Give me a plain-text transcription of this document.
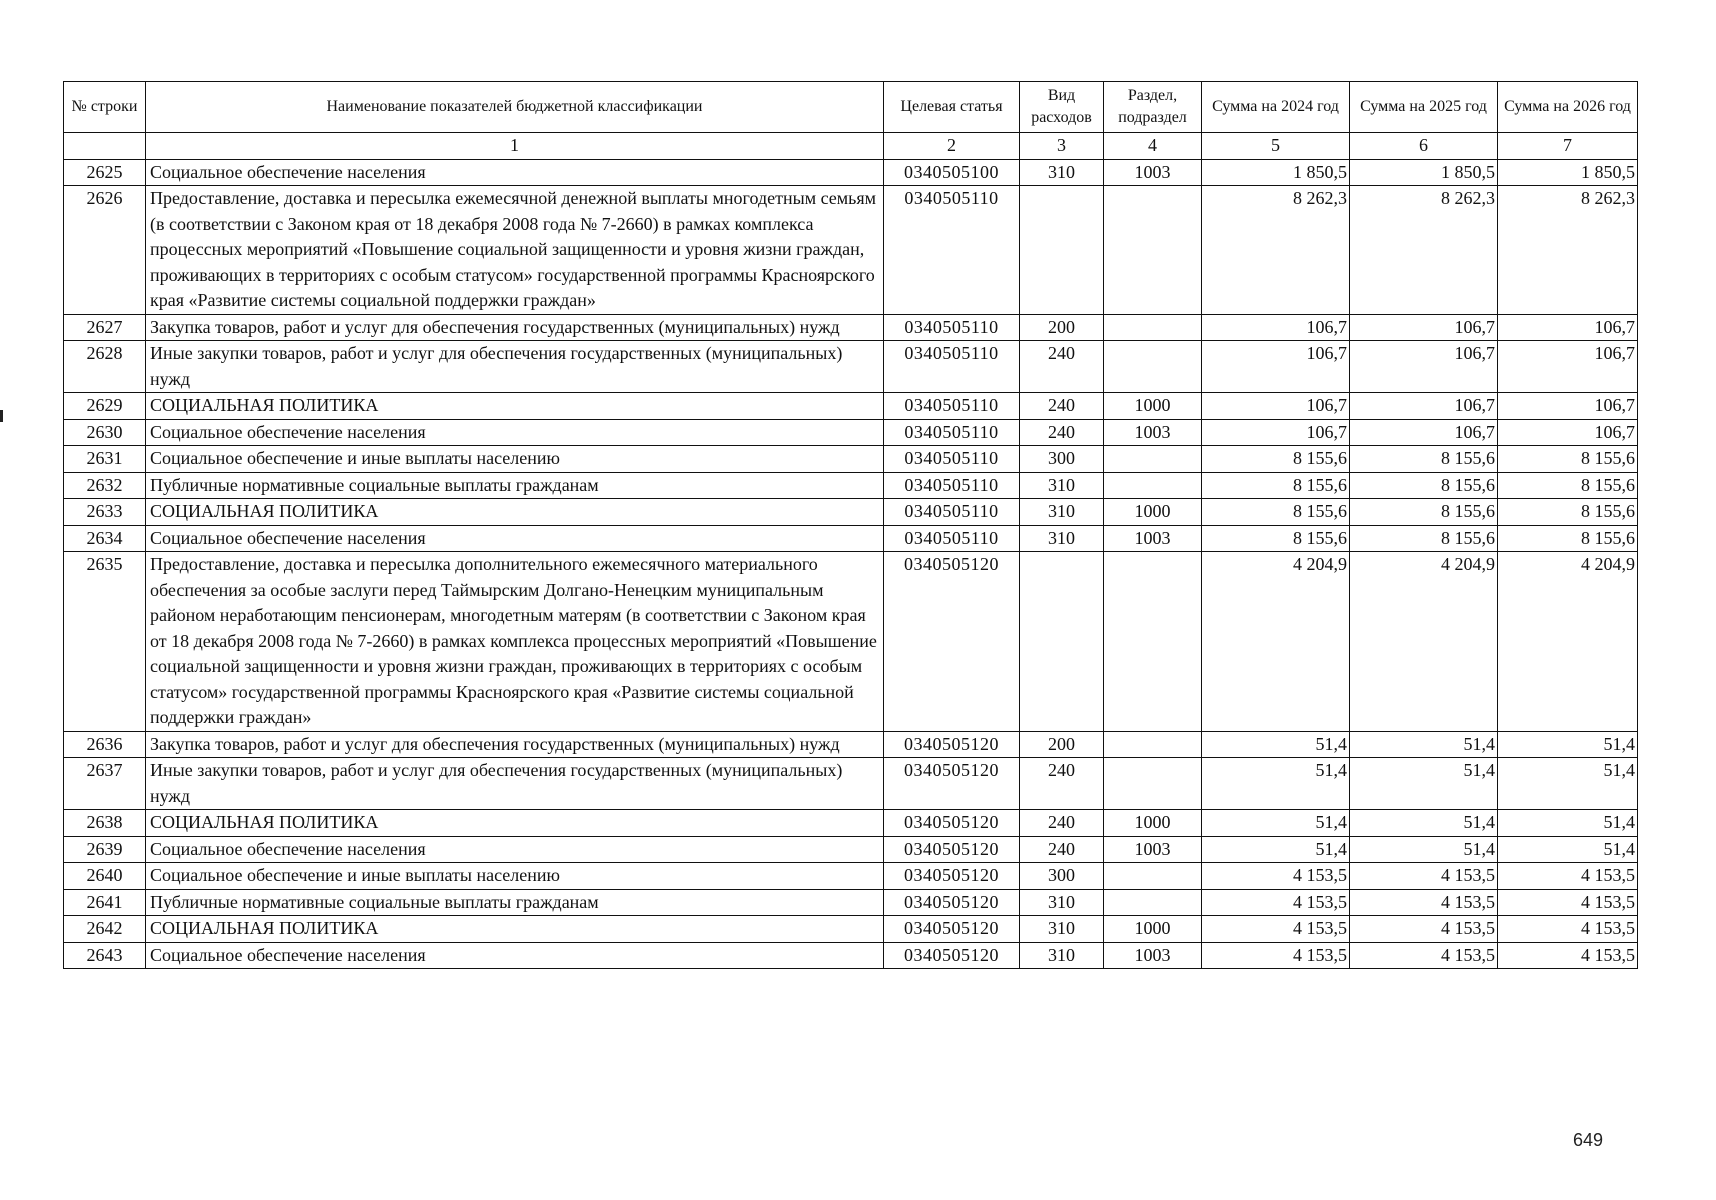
№ строки	Наименование показателей бюджетной классификации	Целевая статья	Вид расходов	Раздел, подраздел	Сумма на 2024 год	Сумма на 2025 год	Сумма на 2026 год
	1	2	3	4	5	6	7
2625	Социальное обеспечение населения	0340505100	310	1003	1 850,5	1 850,5	1 850,5
2626	Предоставление, доставка и пересылка ежемесячной денежной выплаты многодетным семьям (в соответствии с Законом края от 18 декабря 2008 года № 7-2660) в рамках комплекса процессных мероприятий «Повышение социальной защищенности и уровня жизни граждан, проживающих в территориях с особым статусом» государственной программы Красноярского края «Развитие системы социальной поддержки граждан»	0340505110			8 262,3	8 262,3	8 262,3
2627	Закупка товаров, работ и услуг для обеспечения государственных (муниципальных) нужд	0340505110	200		106,7	106,7	106,7
2628	Иные закупки товаров, работ и услуг для обеспечения государственных (муниципальных) нужд	0340505110	240		106,7	106,7	106,7
2629	СОЦИАЛЬНАЯ ПОЛИТИКА	0340505110	240	1000	106,7	106,7	106,7
2630	Социальное обеспечение населения	0340505110	240	1003	106,7	106,7	106,7
2631	Социальное обеспечение и иные выплаты населению	0340505110	300		8 155,6	8 155,6	8 155,6
2632	Публичные нормативные социальные выплаты гражданам	0340505110	310		8 155,6	8 155,6	8 155,6
2633	СОЦИАЛЬНАЯ ПОЛИТИКА	0340505110	310	1000	8 155,6	8 155,6	8 155,6
2634	Социальное обеспечение населения	0340505110	310	1003	8 155,6	8 155,6	8 155,6
2635	Предоставление, доставка и пересылка дополнительного ежемесячного материального обеспечения за особые заслуги перед Таймырским Долгано-Ненецким муниципальным районом неработающим пенсионерам, многодетным матерям (в соответствии с Законом края от 18 декабря 2008 года № 7-2660) в рамках комплекса процессных мероприятий «Повышение социальной защищенности и уровня жизни граждан, проживающих в территориях с особым статусом» государственной программы Красноярского края «Развитие системы социальной поддержки граждан»	0340505120			4 204,9	4 204,9	4 204,9
2636	Закупка товаров, работ и услуг для обеспечения государственных (муниципальных) нужд	0340505120	200		51,4	51,4	51,4
2637	Иные закупки товаров, работ и услуг для обеспечения государственных (муниципальных) нужд	0340505120	240		51,4	51,4	51,4
2638	СОЦИАЛЬНАЯ ПОЛИТИКА	0340505120	240	1000	51,4	51,4	51,4
2639	Социальное обеспечение населения	0340505120	240	1003	51,4	51,4	51,4
2640	Социальное обеспечение и иные выплаты населению	0340505120	300		4 153,5	4 153,5	4 153,5
2641	Публичные нормативные социальные выплаты гражданам	0340505120	310		4 153,5	4 153,5	4 153,5
2642	СОЦИАЛЬНАЯ ПОЛИТИКА	0340505120	310	1000	4 153,5	4 153,5	4 153,5
2643	Социальное обеспечение населения	0340505120	310	1003	4 153,5	4 153,5	4 153,5
649
